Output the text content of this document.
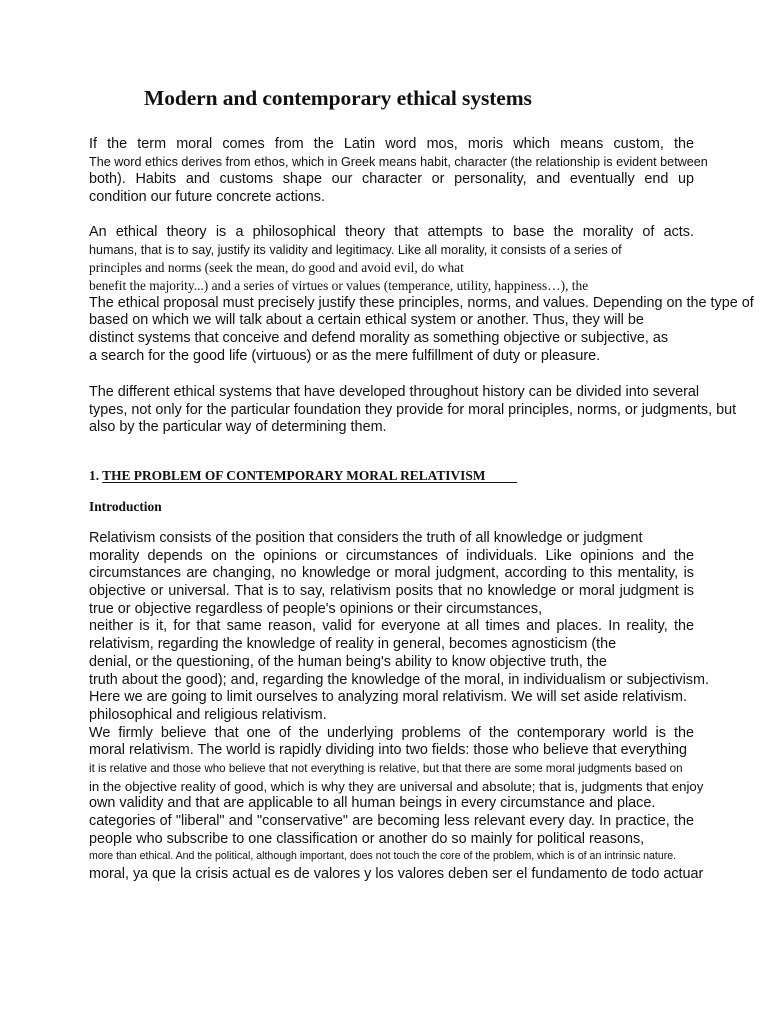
Modern and contemporary ethical systems
If the term moral comes from the Latin word mos, moris which means custom, the
The word ethics derives from ethos, which in Greek means habit, character (the relationship is evident between
both). Habits and customs shape our character or personality, and eventually end up
condition our future concrete actions.
An ethical theory is a philosophical theory that attempts to base the morality of acts.
humans, that is to say, justify its validity and legitimacy. Like all morality, it consists of a series of
principles and norms (seek the mean, do good and avoid evil, do what
benefit the majority...) and a series of virtues or values (temperance, utility, happiness…), the
The ethical proposal must precisely justify these principles, norms, and values. Depending on the type of
based on which we will talk about a certain ethical system or another. Thus, they will be
distinct systems that conceive and defend morality as something objective or subjective, as
a search for the good life (virtuous) or as the mere fulfillment of duty or pleasure.
The different ethical systems that have developed throughout history can be divided into several
types, not only for the particular foundation they provide for moral principles, norms, or judgments, but
also by the particular way of determining them.
1. THE PROBLEM OF CONTEMPORARY MORAL RELATIVISM
Introduction
Relativism consists of the position that considers the truth of all knowledge or judgment
morality depends on the opinions or circumstances of individuals. Like opinions and the
circumstances are changing, no knowledge or moral judgment, according to this mentality, is
objective or universal. That is to say, relativism posits that no knowledge or moral judgment is
true or objective regardless of people's opinions or their circumstances,
neither is it, for that same reason, valid for everyone at all times and places. In reality, the
relativism, regarding the knowledge of reality in general, becomes agnosticism (the
denial, or the questioning, of the human being's ability to know objective truth, the
truth about the good); and, regarding the knowledge of the moral, in individualism or subjectivism.
Here we are going to limit ourselves to analyzing moral relativism. We will set aside relativism.
philosophical and religious relativism.
We firmly believe that one of the underlying problems of the contemporary world is the
moral relativism. The world is rapidly dividing into two fields: those who believe that everything
it is relative and those who believe that not everything is relative, but that there are some moral judgments based on
in the objective reality of good, which is why they are universal and absolute; that is, judgments that enjoy
own validity and that are applicable to all human beings in every circumstance and place.
categories of "liberal" and "conservative" are becoming less relevant every day. In practice, the
people who subscribe to one classification or another do so mainly for political reasons,
more than ethical. And the political, although important, does not touch the core of the problem, which is of an intrinsic nature.
moral, ya que la crisis actual es de valores y los valores deben ser el fundamento de todo actuar
